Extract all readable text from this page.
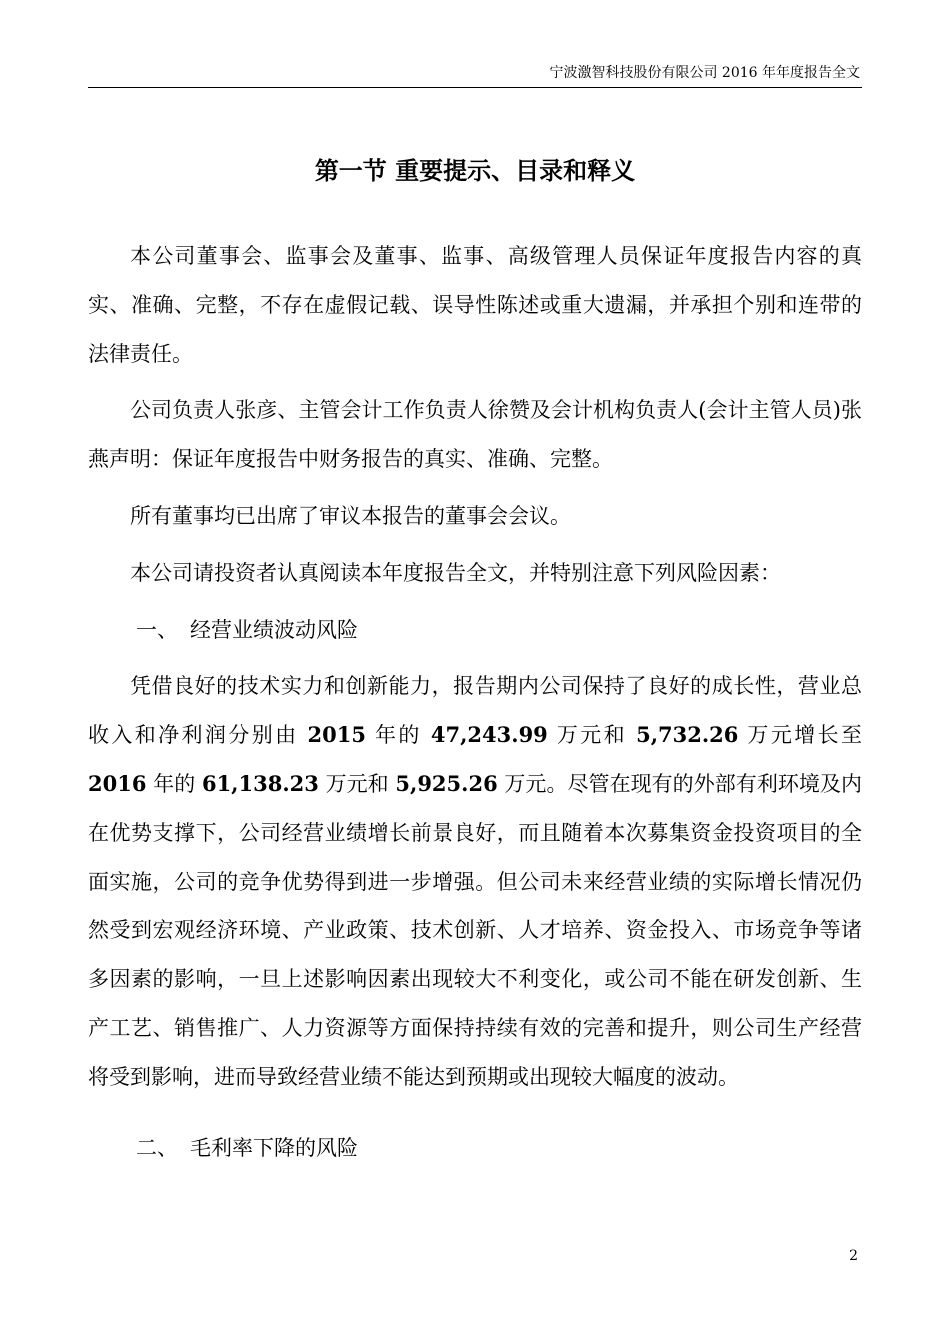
宁波激智科技股份有限公司 2016 年年度报告全文
第一节 重要提示、目录和释义

本公司董事会、监事会及董事、监事、高级管理人员保证年度报告内容的真实、准确、完整，不存在虚假记载、误导性陈述或重大遗漏，并承担个别和连带的法律责任。

公司负责人张彦、主管会计工作负责人徐赞及会计机构负责人(会计主管人员)张燕声明：保证年度报告中财务报告的真实、准确、完整。

所有董事均已出席了审议本报告的董事会会议。

本公司请投资者认真阅读本年度报告全文，并特别注意下列风险因素：

一、 经营业绩波动风险

凭借良好的技术实力和创新能力，报告期内公司保持了良好的成长性，营业总收入和净利润分别由 2015 年的 47,243.99 万元和 5,732.26 万元增长至 2016 年的 61,138.23 万元和 5,925.26 万元。尽管在现有的外部有利环境及内在优势支撑下，公司经营业绩增长前景良好，而且随着本次募集资金投资项目的全面实施，公司的竞争优势得到进一步增强。但公司未来经营业绩的实际增长情况仍然受到宏观经济环境、产业政策、技术创新、人才培养、资金投入、市场竞争等诸多因素的影响，一旦上述影响因素出现较大不利变化，或公司不能在研发创新、生产工艺、销售推广、人力资源等方面保持持续有效的完善和提升，则公司生产经营将受到影响，进而导致经营业绩不能达到预期或出现较大幅度的波动。

二、 毛利率下降的风险

2
